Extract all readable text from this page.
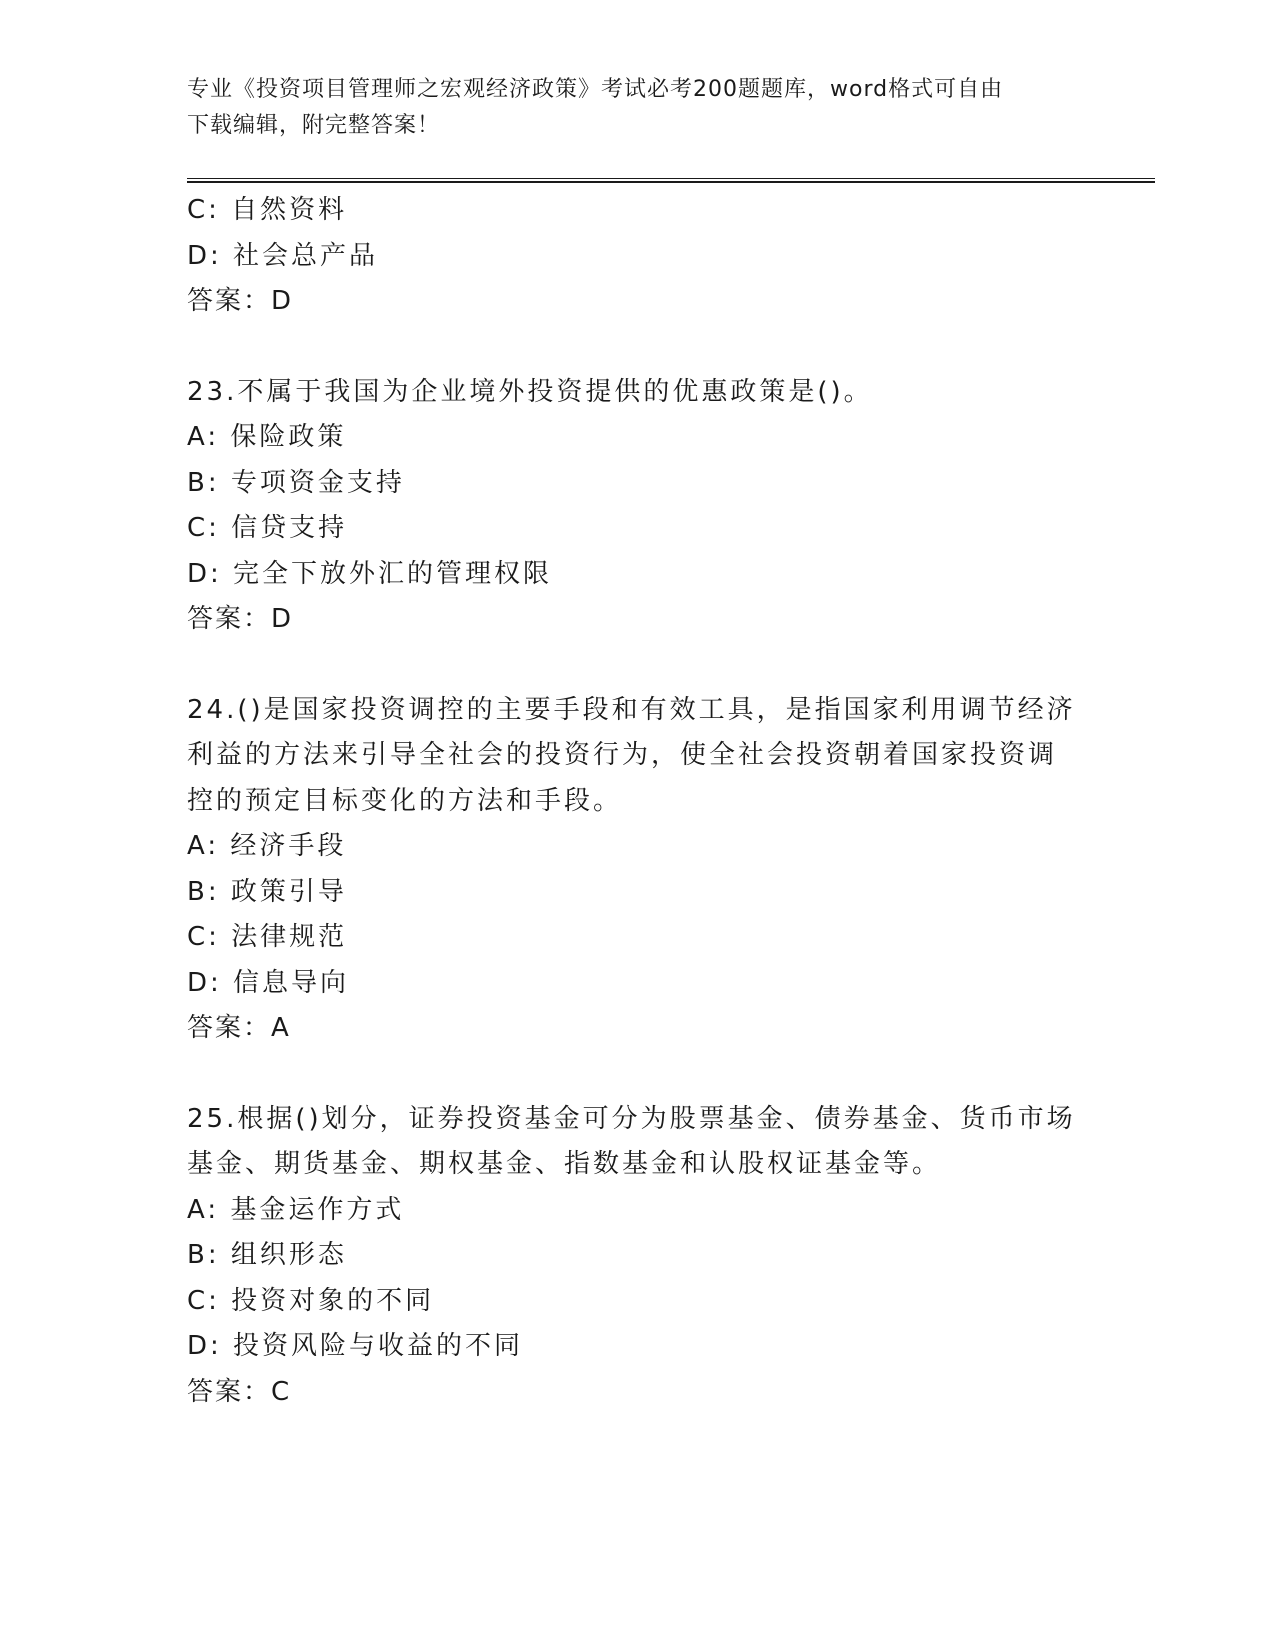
专业《投资项目管理师之宏观经济政策》考试必考200题题库，word格式可自由
下载编辑，附完整答案！
C: 自然资料
D: 社会总产品
答案：D
23.不属于我国为企业境外投资提供的优惠政策是()。
A: 保险政策
B: 专项资金支持
C: 信贷支持
D: 完全下放外汇的管理权限
答案：D
24.()是国家投资调控的主要手段和有效工具，是指国家利用调节经济
利益的方法来引导全社会的投资行为，使全社会投资朝着国家投资调
控的预定目标变化的方法和手段。
A: 经济手段
B: 政策引导
C: 法律规范
D: 信息导向
答案：A
25.根据()划分，证券投资基金可分为股票基金、债券基金、货币市场
基金、期货基金、期权基金、指数基金和认股权证基金等。
A: 基金运作方式
B: 组织形态
C: 投资对象的不同
D: 投资风险与收益的不同
答案：C
